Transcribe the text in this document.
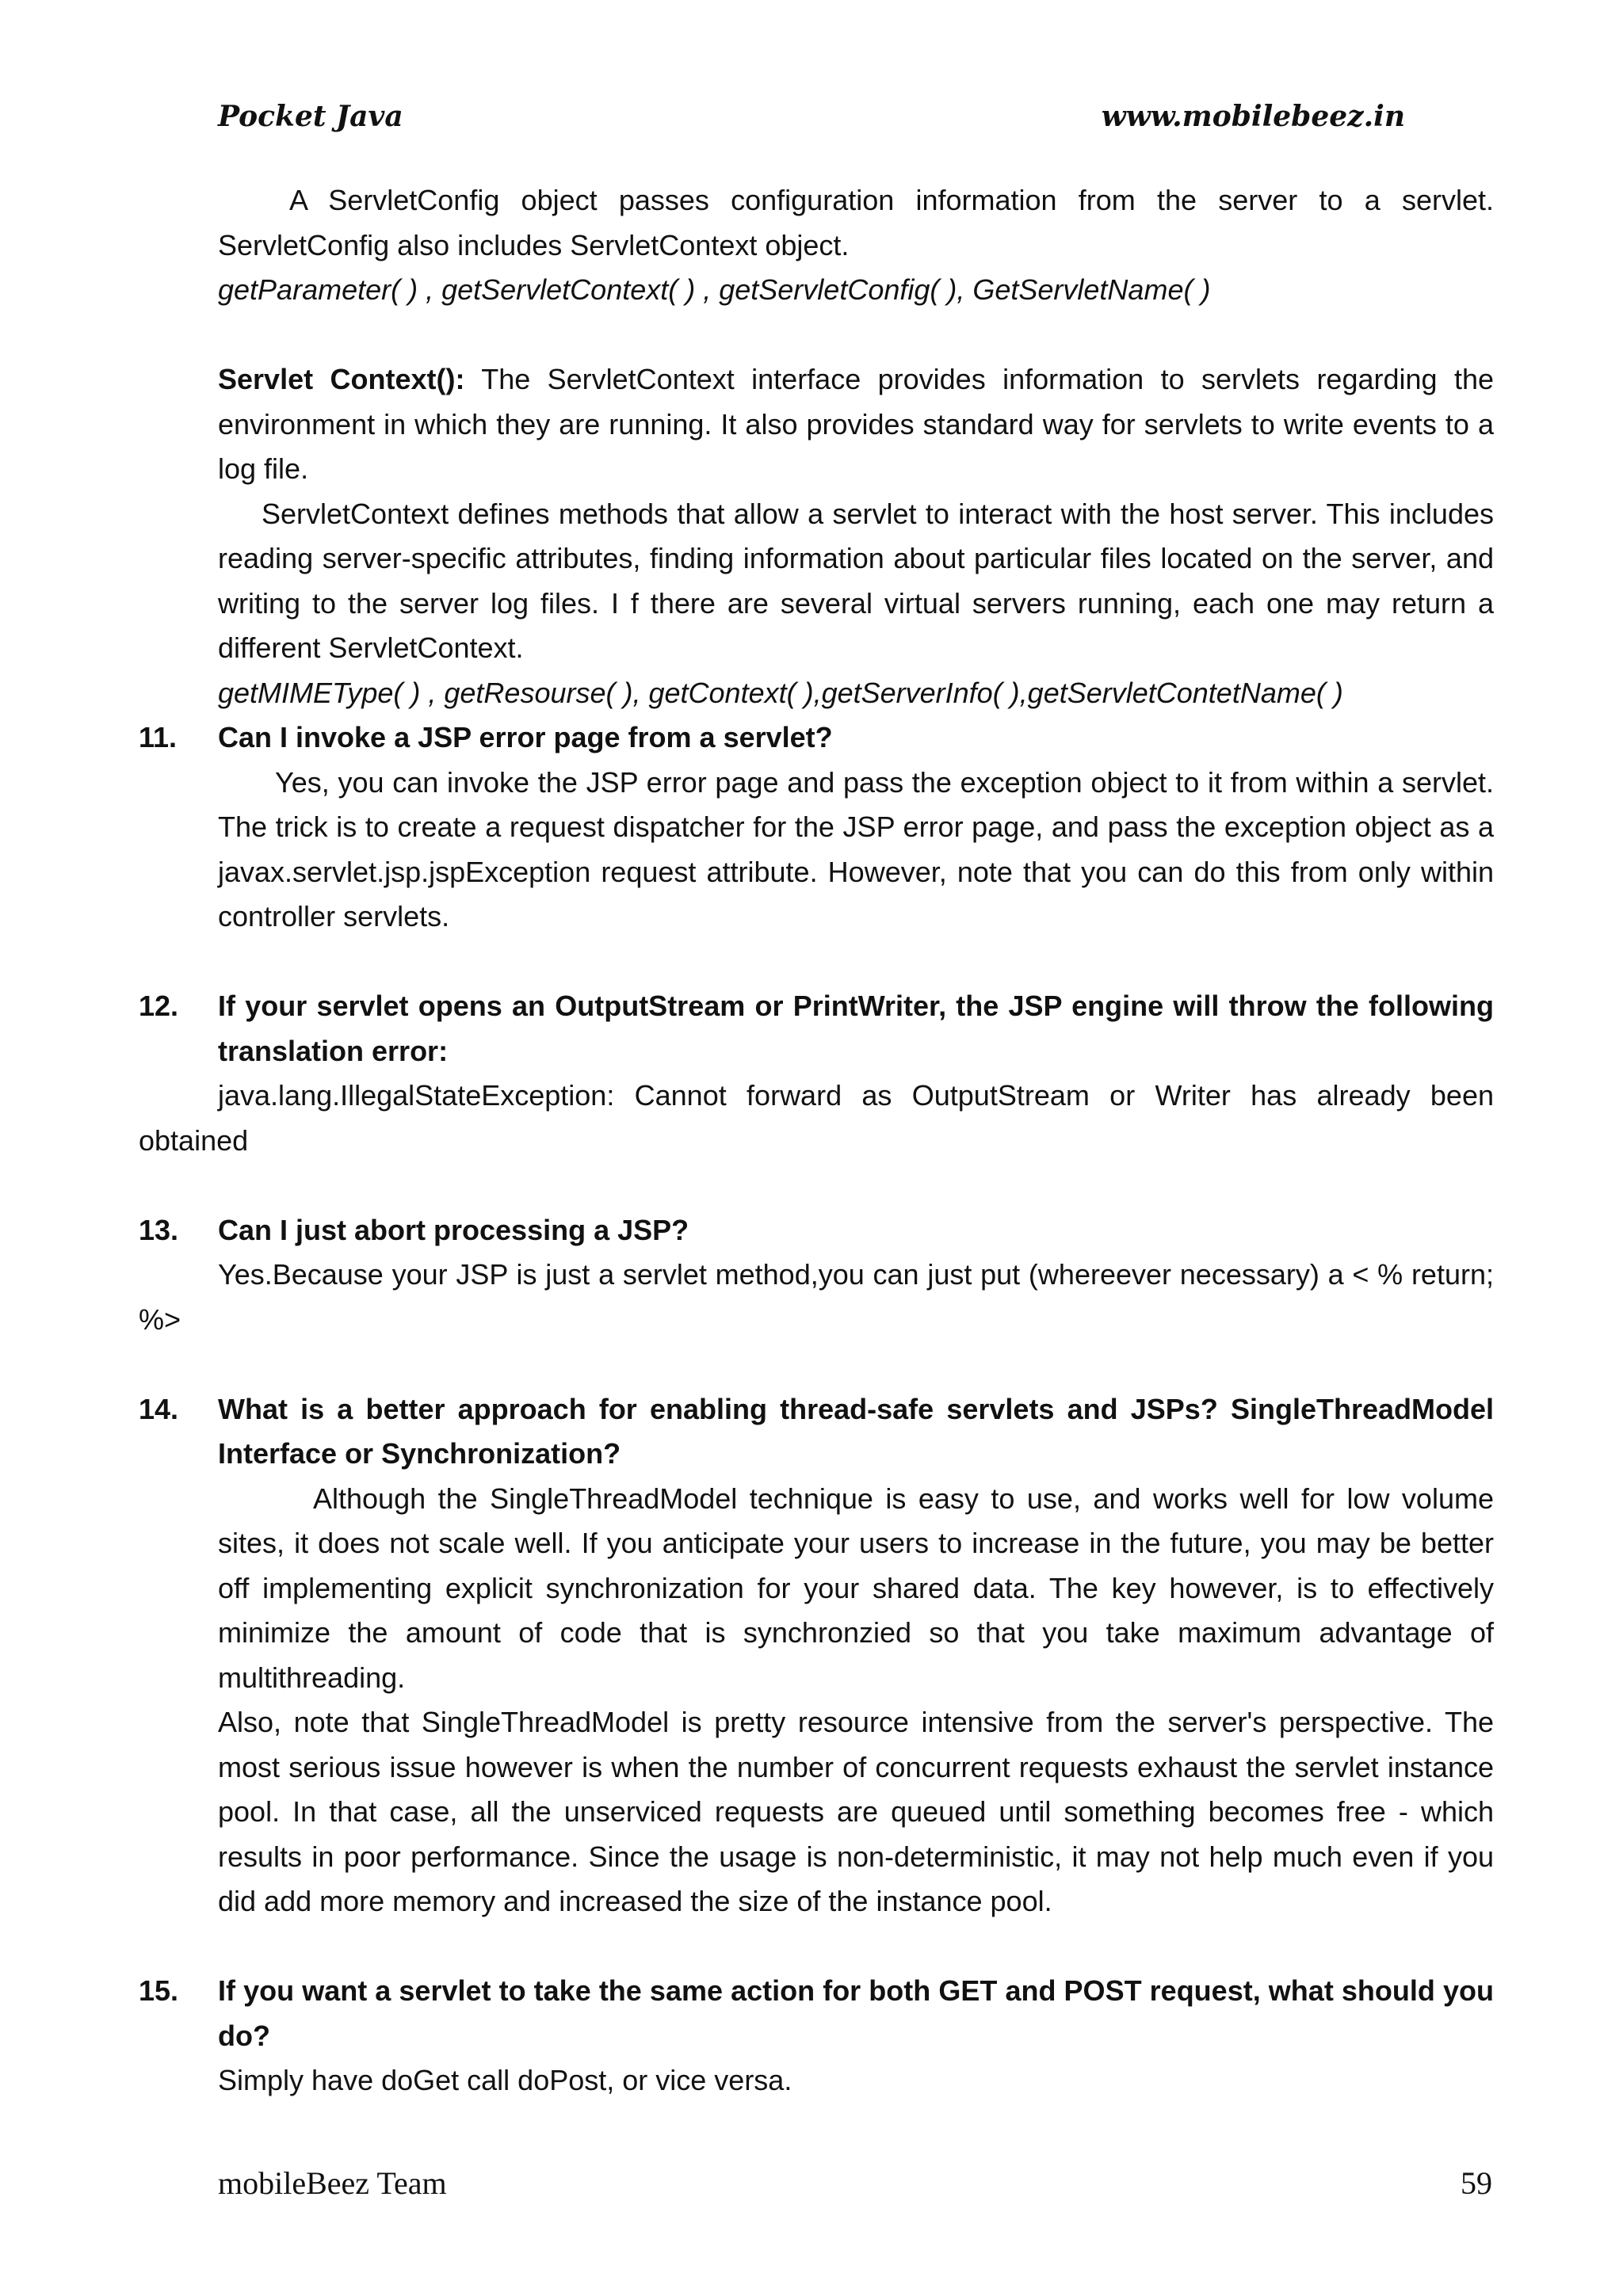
Pocket Java	www.mobilebeez.in

A ServletConfig object passes configuration information from the server to a servlet. ServletConfig also includes ServletContext object.

getParameter( ) , getServletContext( ) , getServletConfig( ), GetServletName( )

Servlet Context(): The ServletContext interface provides information to servlets regarding the environment in which they are running. It also provides standard way for servlets to write events to a log file.

ServletContext defines methods that allow a servlet to interact with the host server. This includes reading server-specific attributes, finding information about particular files located on the server, and writing to the server log files. I f there are several virtual servers running, each one may return a different ServletContext.

getMIMEType( ) , getResourse( ), getContext( ),getServerInfo( ),getServletContetName( )

11. Can I invoke a JSP error page from a servlet?

Yes, you can invoke the JSP error page and pass the exception object to it from within a servlet. The trick is to create a request dispatcher for the JSP error page, and pass the exception object as a javax.servlet.jsp.jspException request attribute. However, note that you can do this from only within controller servlets.

12. If your servlet opens an OutputStream or PrintWriter, the JSP engine will throw the following translation error:

java.lang.IllegalStateException: Cannot forward as OutputStream or Writer has already been obtained

13. Can I just abort processing a JSP?

Yes.Because your JSP is just a servlet method,you can just put (whereever necessary) a < % return; %>

14. What is a better approach for enabling thread-safe servlets and JSPs? SingleThreadModel Interface or Synchronization?

Although the SingleThreadModel technique is easy to use, and works well for low volume sites, it does not scale well. If you anticipate your users to increase in the future, you may be better off implementing explicit synchronization for your shared data. The key however, is to effectively minimize the amount of code that is synchronzied so that you take maximum advantage of multithreading.

Also, note that SingleThreadModel is pretty resource intensive from the server's perspective. The most serious issue however is when the number of concurrent requests exhaust the servlet instance pool. In that case, all the unserviced requests are queued until something becomes free - which results in poor performance. Since the usage is non-deterministic, it may not help much even if you did add more memory and increased the size of the instance pool.

15. If you want a servlet to take the same action for both GET and POST request, what should you do?

Simply have doGet call doPost, or vice versa.

mobileBeez Team	59
